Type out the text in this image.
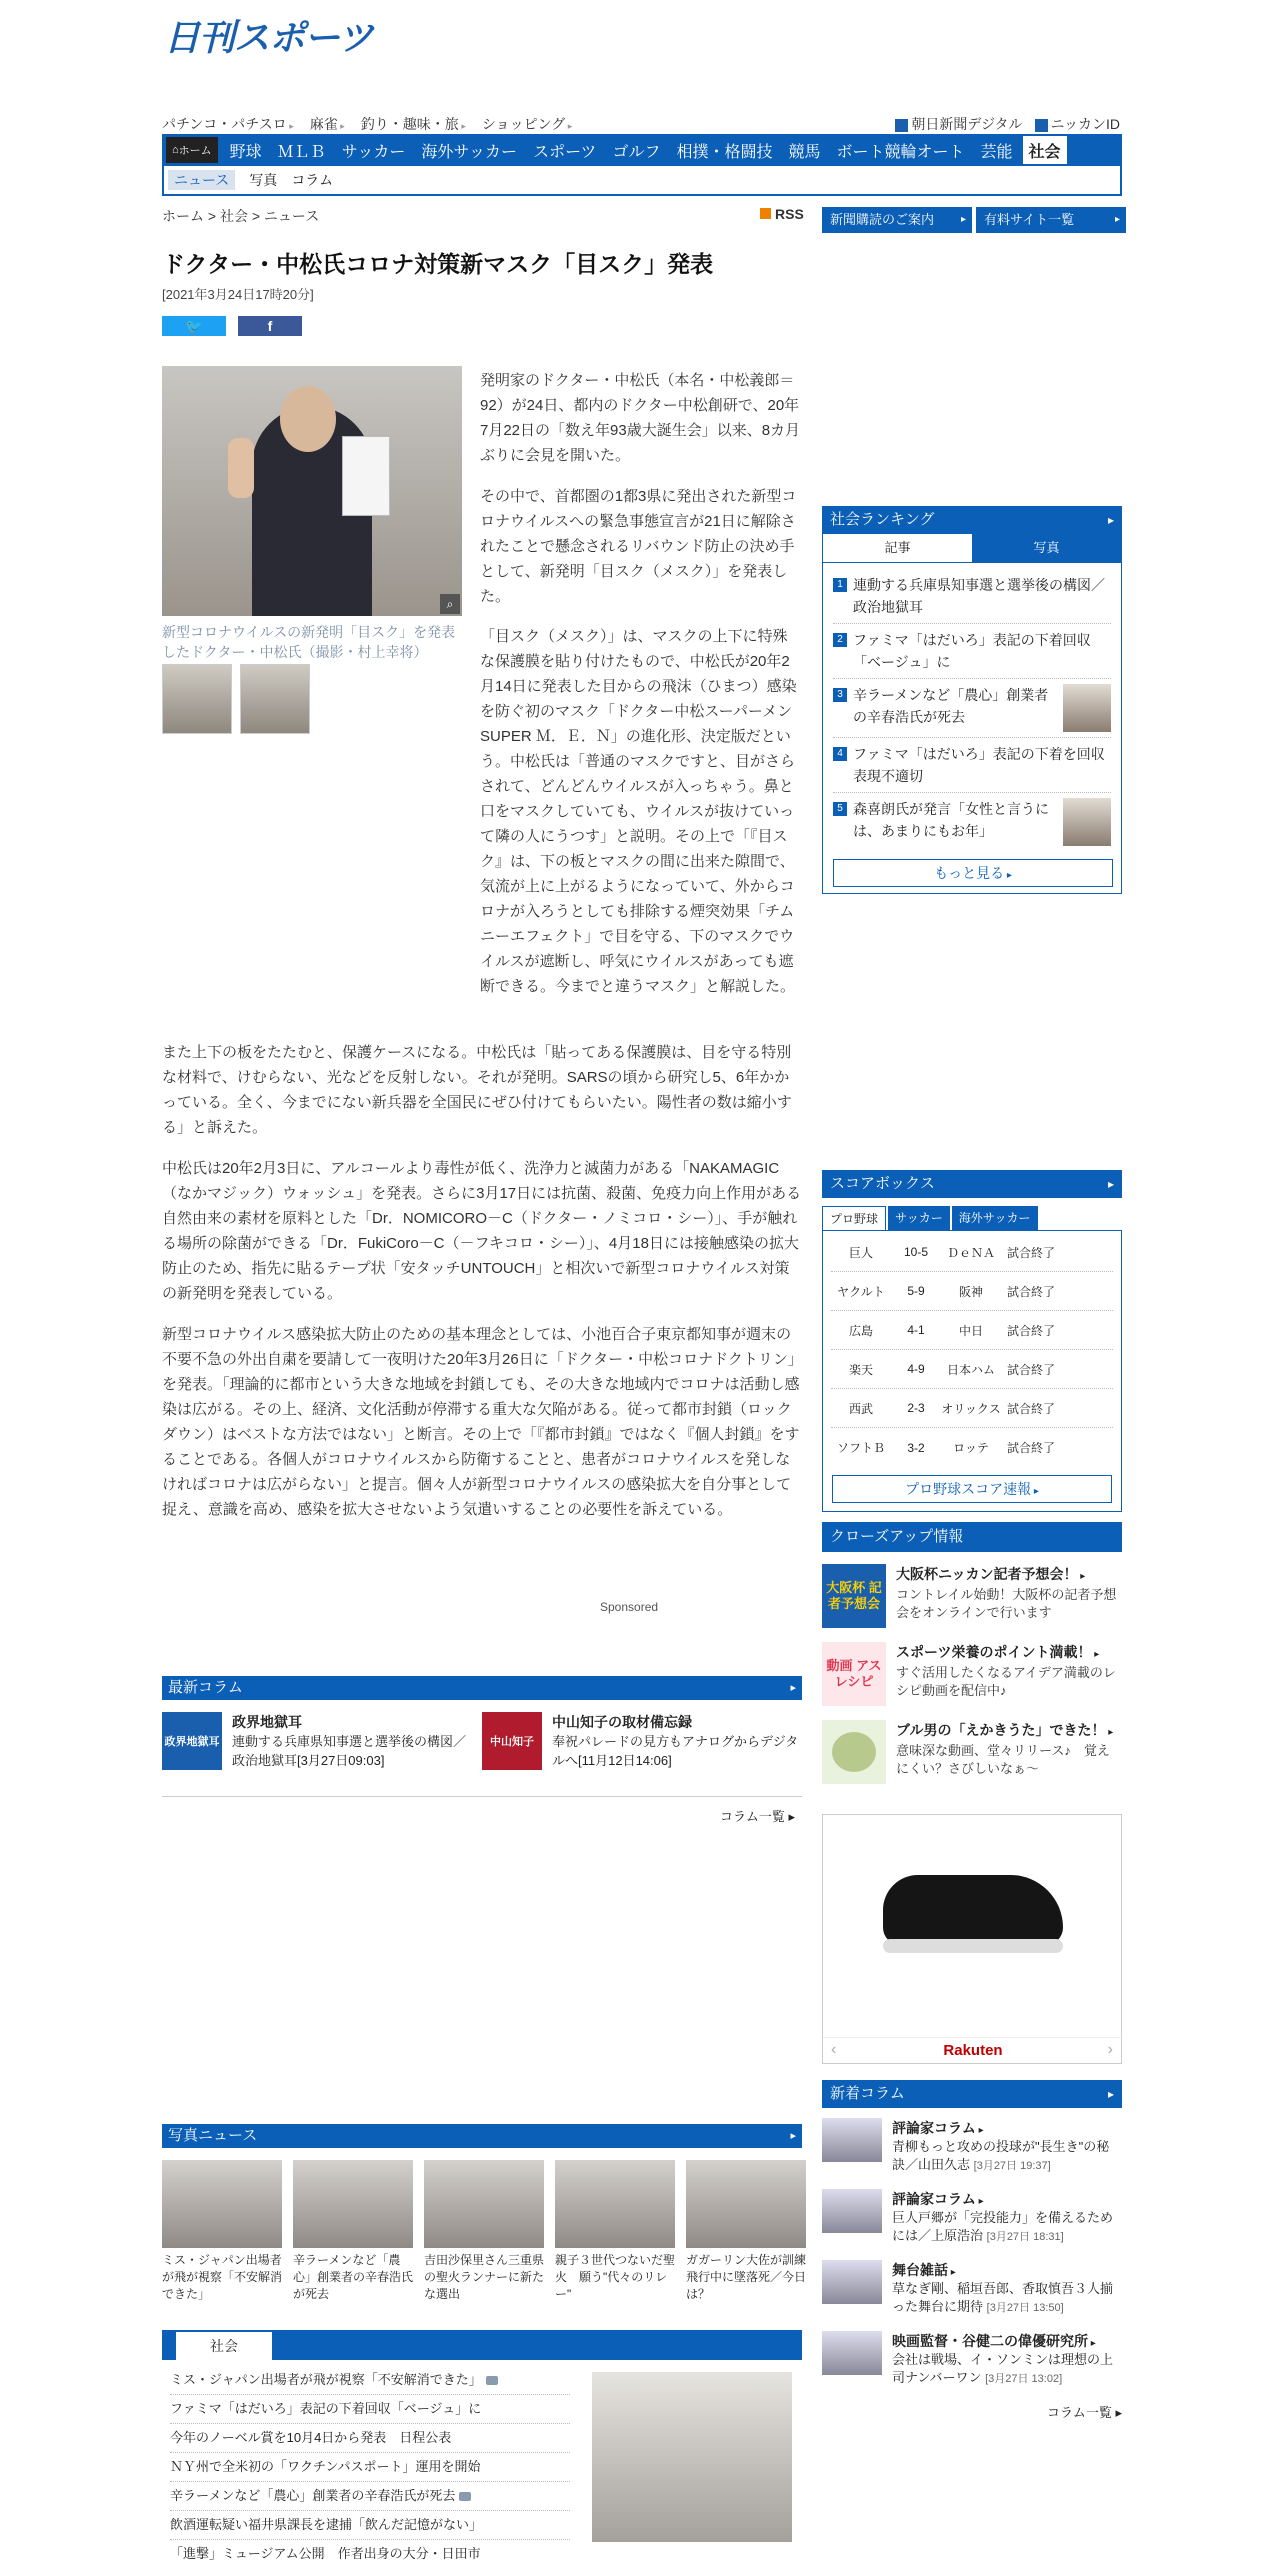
日刊スポーツ
パチンコ・パチスロ ▸	麻雀 ▸	釣り・趣味・旅 ▸	ショッピング ▸	朝日新聞デジタル	ニッカンID
⌂ ホーム	野球	ＭＬＢ	サッカー	海外サッカー	スポーツ	ゴルフ	相撲・格闘技	競馬	ボート競輪オート	芸能	社会
ニュース	写真 コラム
ホーム > 社会 > ニュース	RSS
ドクター・中松氏コロナ対策新マスク「目スク」発表
[2021年3月24日17時20分]
🐦	f
⌕
新型コロナウイルスの新発明「目スク」を発表したドクター・中松氏（撮影・村上幸将）

発明家のドクター・中松氏（本名・中松義郎＝92）が24日、都内のドクター中松創研で、20年7月22日の「数え年93歳大誕生会」以来、8カ月ぶりに会見を開いた。

その中で、首都圏の1都3県に発出された新型コロナウイルスへの緊急事態宣言が21日に解除されたことで懸念されるリバウンド防止の決め手として、新発明「目スク（メスク）」を発表した。

「目スク（メスク）」は、マスクの上下に特殊な保護膜を貼り付けたもので、中松氏が20年2月14日に発表した目からの飛沫（ひまつ）感染を防ぐ初のマスク「ドクター中松スーパーメン　SUPER Ｍ．Ｅ．Ｎ」の進化形、決定版だという。中松氏は「普通のマスクですと、目がさらされて、どんどんウイルスが入っちゃう。鼻と口をマスクしていても、ウイルスが抜けていって隣の人にうつす」と説明。その上で「『目スク』は、下の板とマスクの間に出来た隙間で、気流が上に上がるようになっていて、外からコロナが入ろうとしても排除する煙突効果「チムニーエフェクト」で目を守る、下のマスクでウイルスが遮断し、呼気にウイルスがあっても遮断できる。今までと違うマスク」と解説した。

また上下の板をたたむと、保護ケースになる。中松氏は「貼ってある保護膜は、目を守る特別な材料で、けむらない、光などを反射しない。それが発明。SARSの頃から研究し5、6年かかっている。全く、今までにない新兵器を全国民にぜひ付けてもらいたい。陽性者の数は縮小する」と訴えた。

中松氏は20年2月3日に、アルコールより毒性が低く、洗浄力と滅菌力がある「NAKAMAGIC（なかマジック）ウォッシュ」を発表。さらに3月17日には抗菌、殺菌、免疫力向上作用がある自然由来の素材を原料とした「Dr．NOMICORO－C（ドクター・ノミコロ・シー）」、手が触れる場所の除菌ができる「Dr．FukiCoro－C（－フキコロ・シー）」、4月18日には接触感染の拡大防止のため、指先に貼るテープ状「安タッチUNTOUCH」と相次いで新型コロナウイルス対策の新発明を発表している。

新型コロナウイルス感染拡大防止のための基本理念としては、小池百合子東京都知事が週末の不要不急の外出自粛を要請して一夜明けた20年3月26日に「ドクター・中松コロナドクトリン」を発表。「理論的に都市という大きな地域を封鎖しても、その大きな地域内でコロナは活動し感染は広がる。その上、経済、文化活動が停滞する重大な欠陥がある。従って都市封鎖（ロックダウン）はベストな方法ではない」と断言。その上で「『都市封鎖』ではなく『個人封鎖』をすることである。各個人がコロナウイルスから防衛することと、患者がコロナウイルスを発しなければコロナは広がらない」と提言。個々人が新型コロナウイルスの感染拡大を自分事として捉え、意識を高め、感染を拡大させないよう気遣いすることの必要性を訴えている。

Sponsored
最新コラム ▸
政界地獄耳
政界地獄耳
連動する兵庫県知事選と選挙後の構図／政治地獄耳[3月27日09:03]
中山知子
中山知子の取材備忘録
奉祝パレードの見方もアナログからデジタルへ[11月12日14:06]
コラム一覧 ▸
写真ニュース ▸

ミス・ジャパン出場者が飛が視察「不安解消できた」

辛ラーメンなど「農心」創業者の辛春浩氏が死去

吉田沙保里さん三重県の聖火ランナーに新たな選出

親子３世代つないだ聖火　願う"代々のリレー"

ガガーリン大佐が訓練飛行中に墜落死／今日は？

社会
ミス・ジャパン出場者が飛が視察「不安解消できた」
ファミマ「はだいろ」表記の下着回収「ベージュ」に
今年のノーベル賞を10月4日から発表　日程公表
ＮＹ州で全米初の「ワクチンパスポート」運用を開始
辛ラーメンなど「農心」創業者の辛春浩氏が死去
飲酒運転疑い福井県課長を逮捕「飲んだ記憶がない」
「進撃」ミュージアム公開　作者出身の大分・日田市
新聞購読のご案内 ▸	有料サイト一覧 ▸
社会ランキング ▸
記事	写真
1 連動する兵庫県知事選と選挙後の構図／政治地獄耳
2 ファミマ「はだいろ」表記の下着回収「ベージュ」に
3 辛ラーメンなど「農心」創業者の辛春浩氏が死去
4 ファミマ「はだいろ」表記の下着を回収　表現不適切
5 森喜朗氏が発言「女性と言うには、あまりにもお年」
もっと見る ▸
スコアボックス ▸
プロ野球	サッカー	海外サッカー
巨人	10-5	ＤｅＮＡ 試合終了
ヤクルト	5-9	阪神	試合終了
広島	4-1	中日	試合終了
楽天	4-9	日本ハム 試合終了
西武	2-3	オリックス 試合終了
ソフトＢ	3-2	ロッテ	試合終了
プロ野球スコア速報 ▸
クローズアップ情報
大阪杯 記者予想会
大阪杯ニッカン記者予想会！ ▸

コントレイル始動！大阪杯の記者予想会をオンラインで行います

動画 アスレシピ
スポーツ栄養のポイント満載！ ▸

すぐ活用したくなるアイデア満載のレシピ動画を配信中♪

ブル男の「えかきうた」できた！ ▸

意味深な動画、堂々リリース♪　覚えにくい？さびしいなぁ～

Rakuten
‹	›
新着コラム ▸
評論家コラム ▸

青柳もっと攻めの投球が"長生き"の秘訣／山田久志 [3月27日 19:37]

評論家コラム ▸

巨人戸郷が「完投能力」を備えるためには／上原浩治 [3月27日 18:31]

舞台雑話 ▸

草なぎ剛、稲垣吾郎、香取慎吾３人揃った舞台に期待 [3月27日 13:50]

映画監督・谷健二の偉優研究所 ▸

会社は戦場、イ・ソンミンは理想の上司ナンバーワン [3月27日 13:02]

コラム一覧 ▸
